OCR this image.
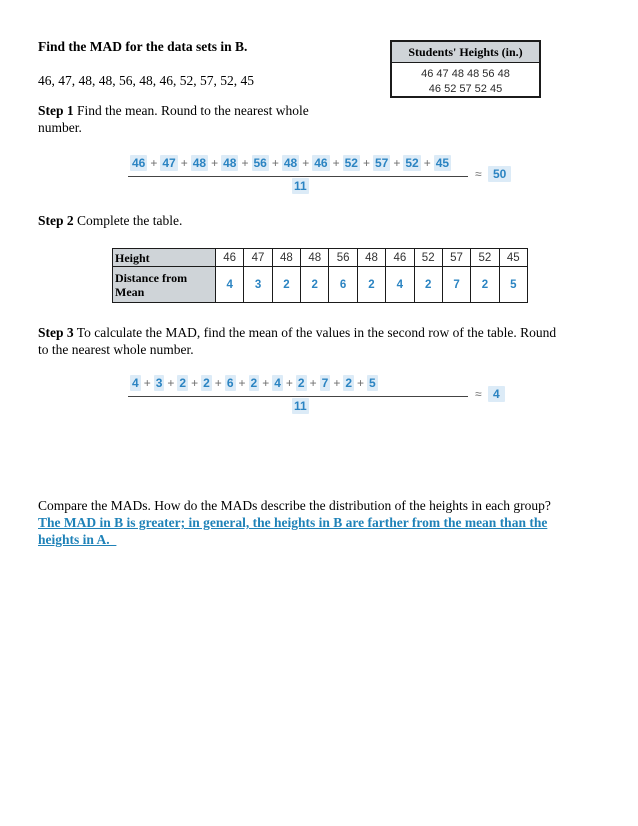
Find the MAD for the data sets in B.
46, 47, 48, 48, 56, 48, 46, 52, 57, 52, 45
Students' Heights (in.)
46 47 48 48 56 48
46 52 57 52 45
Step 1 Find the mean. Round to the nearest whole
number.
46 + 47 + 48 + 48 + 56 + 48 + 46 + 52 + 57 + 52 + 45
11
≈ 50
Step 2 Complete the table.
Height	46	47	48	48	56	48	46	52	57	52	45
Distance from
Mean	4	3	2	2	6	2	4	2	7	2	5
Step 3 To calculate the MAD, find the mean of the values in the second row of the table. Round
to the nearest whole number.
4 + 3 + 2 + 2 + 6 + 2 + 4 + 2 + 7 + 2 + 5
11
≈ 4
Compare the MADs. How do the MADs describe the distribution of the heights in each group?
The MAD in B is greater; in general, the heights in B are farther from the mean than the
heights in A.
